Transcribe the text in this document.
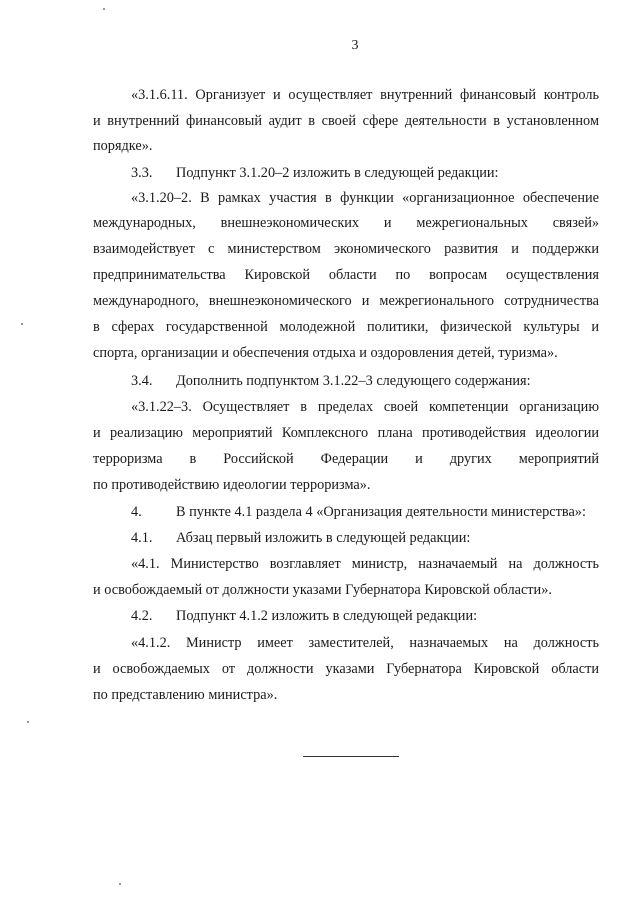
3
«3.1.6.11. Организует и осуществляет внутренний финансовый контроль
и внутренний финансовый аудит в своей сфере деятельности в установленном
порядке».
3.3.	Подпункт 3.1.20–2 изложить в следующей редакции:
«3.1.20–2. В рамках участия в функции «организационное обеспечение
международных, внешнеэкономических и межрегиональных связей»
взаимодействует с министерством экономического развития и поддержки
предпринимательства Кировской области по вопросам осуществления
международного, внешнеэкономического и межрегионального сотрудничества
в сферах государственной молодежной политики, физической культуры и
спорта, организации и обеспечения отдыха и оздоровления детей, туризма».
3.4.	Дополнить подпунктом 3.1.22–3 следующего содержания:
«3.1.22–3. Осуществляет в пределах своей компетенции организацию
и реализацию мероприятий Комплексного плана противодействия идеологии
терроризма в Российской Федерации и других мероприятий
по противодействию идеологии терроризма».
4.	В пункте 4.1 раздела 4 «Организация деятельности министерства»:
4.1.	Абзац первый изложить в следующей редакции:
«4.1. Министерство возглавляет министр, назначаемый на должность
и освобождаемый от должности указами Губернатора Кировской области».
4.2.	Подпункт 4.1.2 изложить в следующей редакции:
«4.1.2. Министр имеет заместителей, назначаемых на должность
и освобождаемых от должности указами Губернатора Кировской области
по представлению министра».
